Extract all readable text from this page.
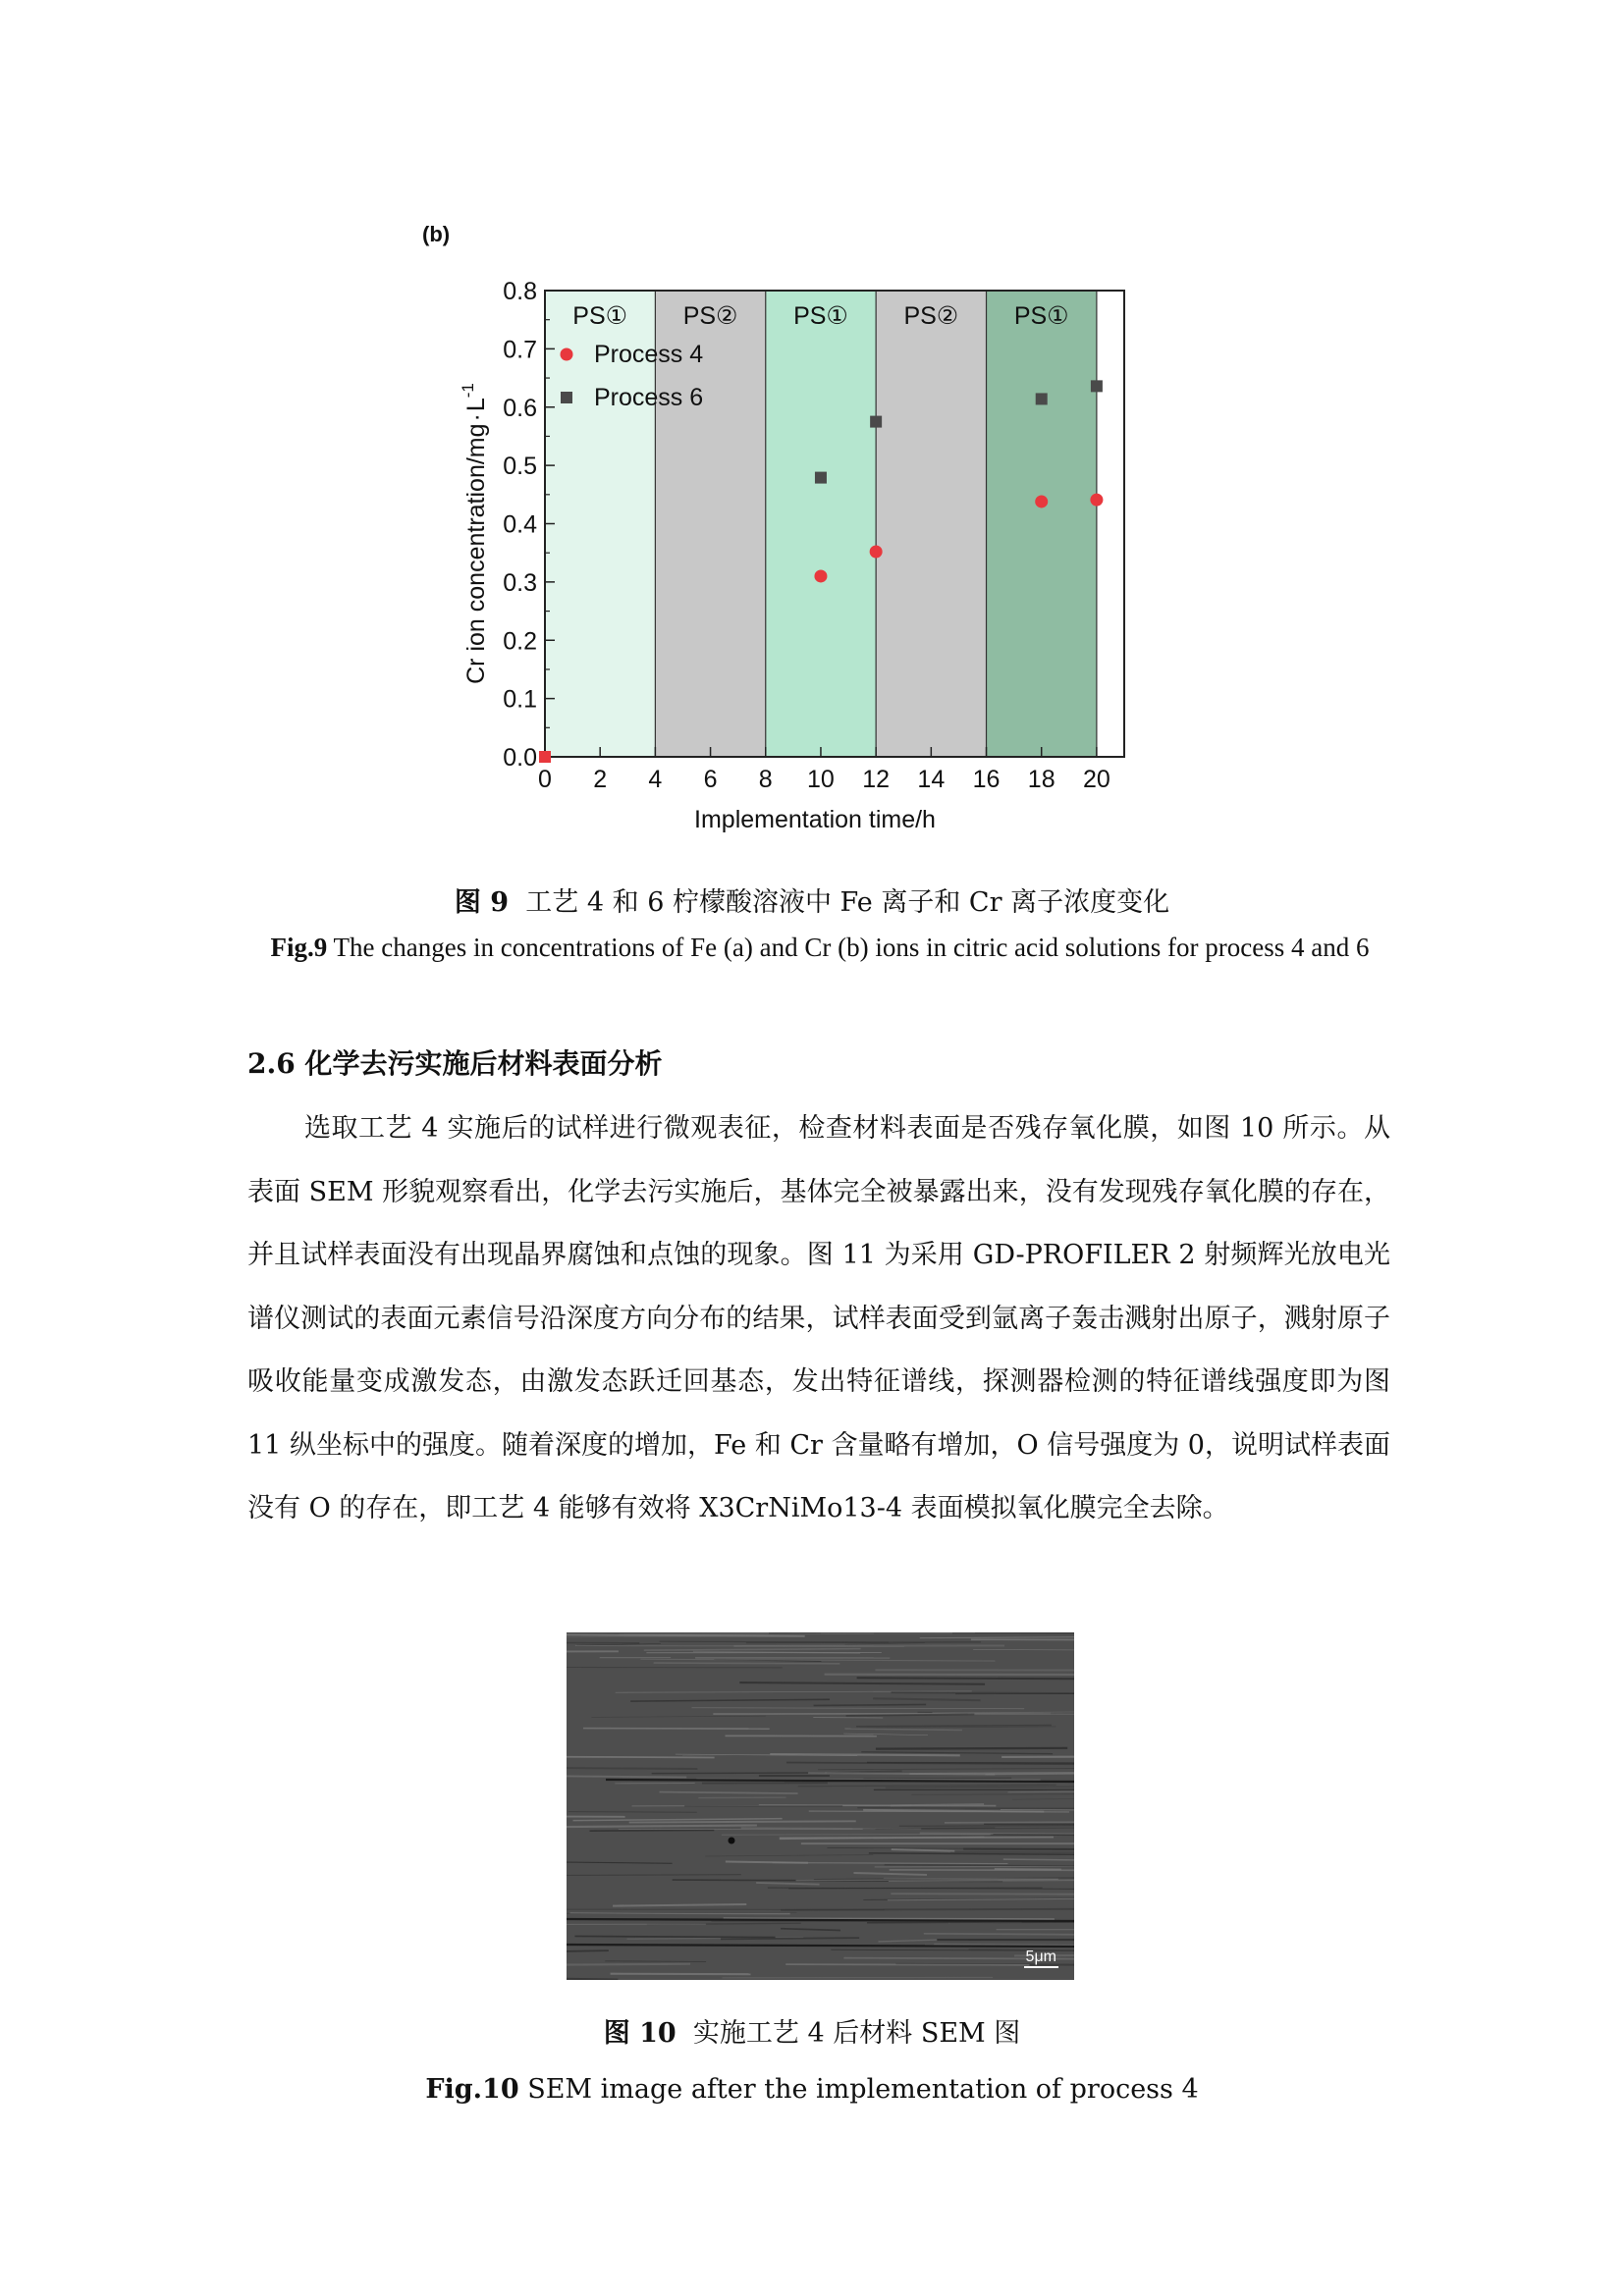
(b)
PS① PS② PS① PS② PS①
0.0
0.1
0.2
0.3
0.4
0.5
0.6
0.7
0.8
0 2 4 6 8 10 12 14 16 18 20
Process 4
Process 6
Implementation time/h
Cr ion concentration/$mg\cdot L^{-1}$
图 9 工艺 4 和 6 柠檬酸溶液中 Fe 离子和 Cr 离子浓度变化
Fig.9 The changes in concentrations of Fe (a) and Cr (b) ions in citric acid solutions for process 4 and 6
2.6 化学去污实施后材料表面分析
选取工艺 4 实施后的试样进行微观表征，检查材料表面是否残存氧化膜，如图 10 所示。从表面 SEM 形貌观察看出，化学去污实施后，基体完全被暴露出来，没有发现残存氧化膜的存在，并且试样表面没有出现晶界腐蚀和点蚀的现象。图 11 为采用 GD-PROFILER 2 射频辉光放电光谱仪测试的表面元素信号沿深度方向分布的结果，试样表面受到氩离子轰击溅射出原子，溅射原子吸收能量变成激发态，由激发态跃迁回基态，发出特征谱线，探测器检测的特征谱线强度即为图 11 纵坐标中的强度。随着深度的增加，Fe 和 Cr 含量略有增加，O 信号强度为 0，说明试样表面没有 O 的存在，即工艺 4 能够有效将 X3CrNiMo13-4 表面模拟氧化膜完全去除。
5μm
图 10 实施工艺 4 后材料 SEM 图
Fig.10 SEM image after the implementation of process 4
